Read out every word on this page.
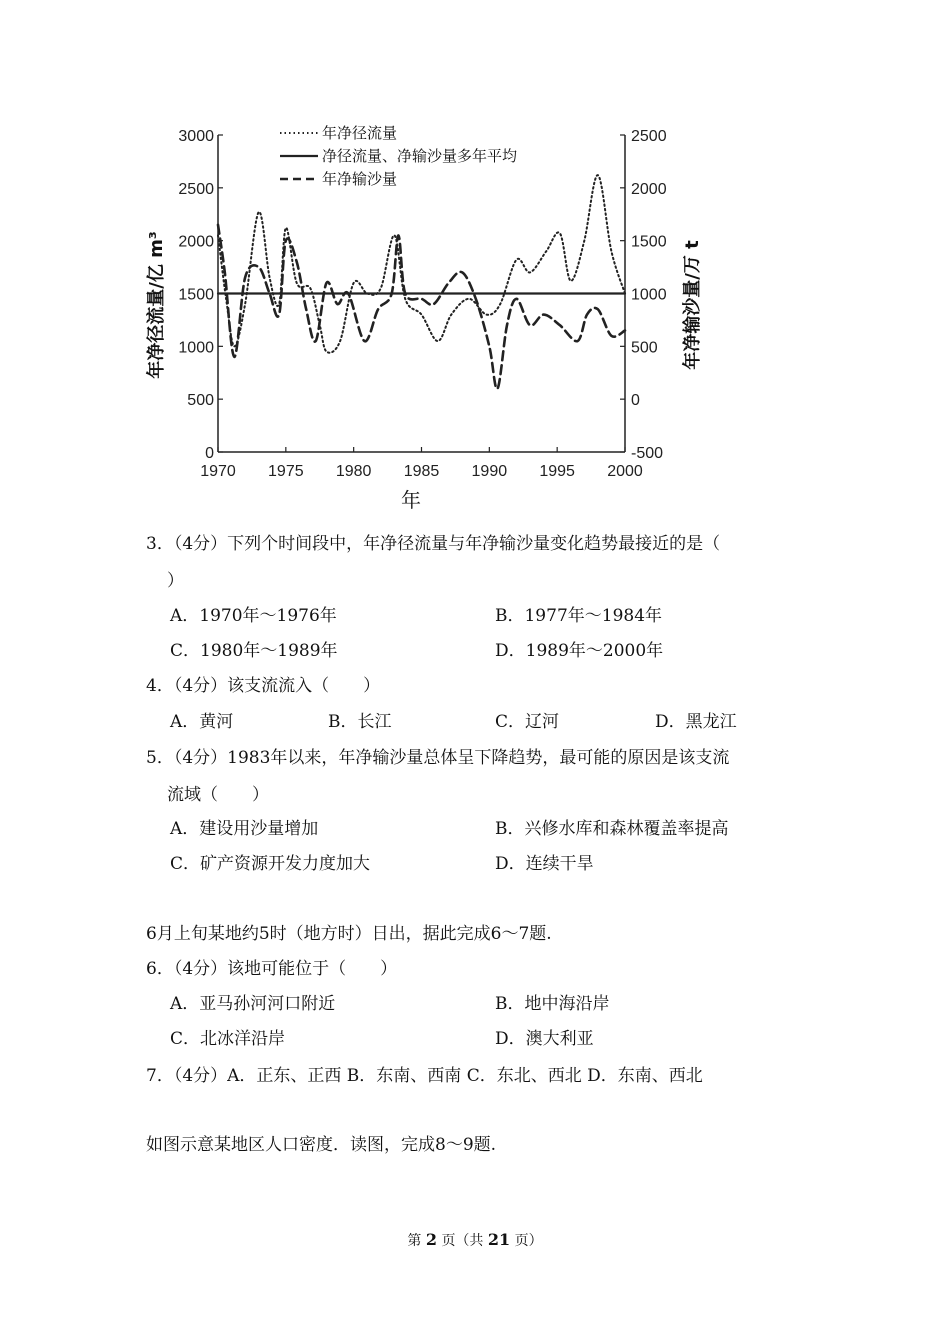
3000
2500
2000
1500
1000
500
0
2500
2000
1500
1000
500
0
-500
1970 1975 1980 1985 1990 1995 2000
年净径流量
净径流量、净输沙量多年平均
年净输沙量
年净径流量/亿 m³	年净输沙量/万 t
年
3．（4分）下列个时间段中，年净径流量与年净输沙量变化趋势最接近的是（
）
A．1970年～1976年	B．1977年～1984年
C．1980年～1989年	D．1989年～2000年
4．（4分）该支流流入（　　）
A．黄河	B．长江	C．辽河	D．黑龙江
5．（4分）1983年以来，年净输沙量总体呈下降趋势，最可能的原因是该支流
流域（　　）
A．建设用沙量增加	B．兴修水库和森林覆盖率提高
C．矿产资源开发力度加大	D．连续干旱
6月上旬某地约5时（地方时）日出，据此完成6～7题.
6．（4分）该地可能位于（　　）
A．亚马孙河河口附近	B．地中海沿岸
C．北冰洋沿岸	D．澳大利亚
7．（4分）A．正东、正西 B．东南、西南 C．东北、西北 D．东南、西北
如图示意某地区人口密度．读图，完成8～9题.
第 2 页（共 21 页）
